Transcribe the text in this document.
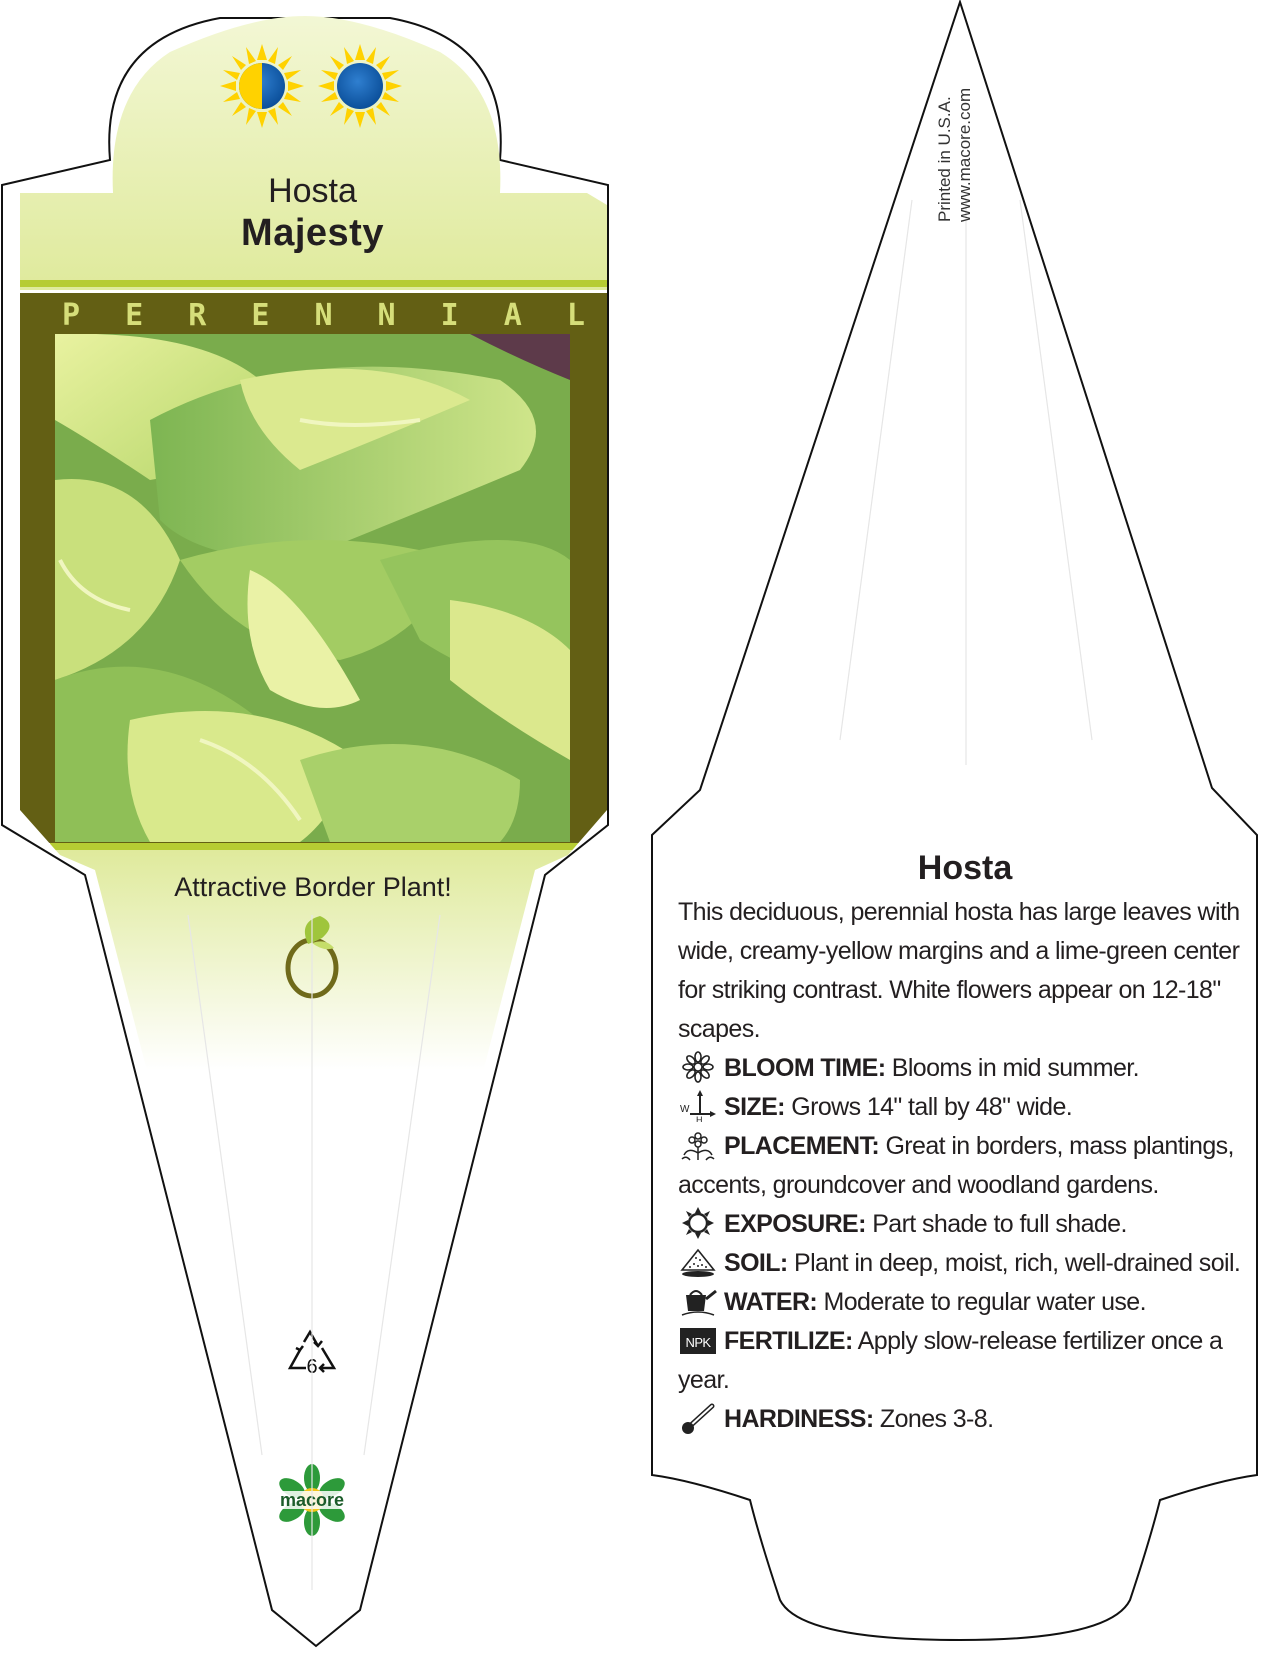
6
macore
Hosta
Majesty
P E R E N N I A L
Attractive Border Plant!
Printed in U.S.A. www.macore.com
Hosta
This deciduous, perennial hosta has large leaves with wide, creamy-yellow margins and a lime-green center for striking contrast. White flowers appear on 12-18" scapes.
BLOOM TIME: Blooms in mid summer.
W
H SIZE: Grows 14" tall by 48" wide.
PLACEMENT: Great in borders, mass plantings, accents, groundcover and woodland gardens.
EXPOSURE: Part shade to full shade.
SOIL: Plant in deep, moist, rich, well-drained soil.
WATER: Moderate to regular water use.
NPK FERTILIZE: Apply slow-release fertilizer once a year.
HARDINESS: Zones 3-8.
